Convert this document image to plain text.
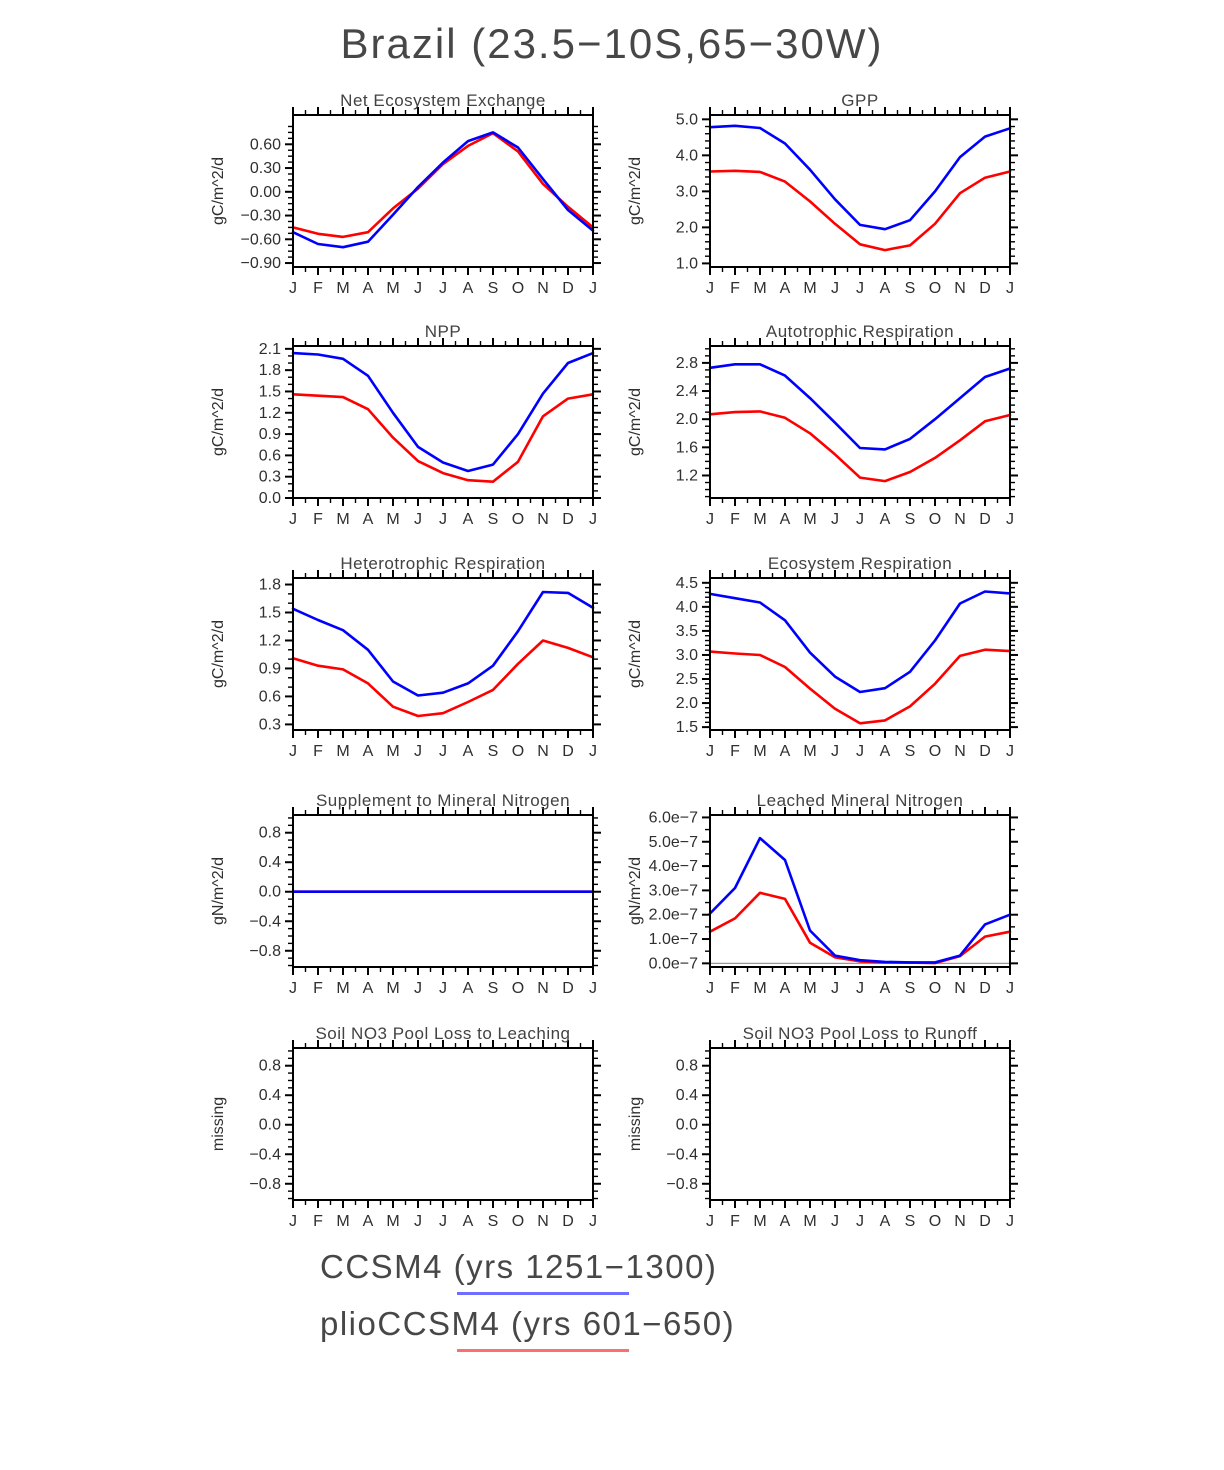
Brazil (23.5−10S,65−30W)
0.60
0.30
0.00
−0.30
−0.60
−0.90
J F M A M J J A S O N D J
Net Ecosystem Exchange
gC/m^2/d
5.0
4.0
3.0
2.0
1.0
J F M A M J J A S O N D J
GPP
gC/m^2/d
2.1
1.8
1.5
1.2
0.9
0.6
0.3
0.0
J F M A M J J A S O N D J
NPP
gC/m^2/d
2.8
2.4
2.0
1.6
1.2
J F M A M J J A S O N D J
Autotrophic Respiration
gC/m^2/d
1.8
1.5
1.2
0.9
0.6
0.3
J F M A M J J A S O N D J
Heterotrophic Respiration
gC/m^2/d
4.5
4.0
3.5
3.0
2.5
2.0
1.5
J F M A M J J A S O N D J
Ecosystem Respiration
gC/m^2/d
0.8
0.4
0.0
−0.4
−0.8
J F M A M J J A S O N D J
Supplement to Mineral Nitrogen
gN/m^2/d
6.0e−7
5.0e−7
4.0e−7
3.0e−7
2.0e−7
1.0e−7
0.0e−7
J F M A M J J A S O N D J
Leached Mineral Nitrogen
gN/m^2/d
0.8
0.4
0.0
−0.4
−0.8
J F M A M J J A S O N D J
Soil NO3 Pool Loss to Leaching
missing
0.8
0.4
0.0
−0.4
−0.8
J F M A M J J A S O N D J
Soil NO3 Pool Loss to Runoff
missing
CCSM4 (yrs 1251−1300)
plioCCSM4 (yrs 601−650)
